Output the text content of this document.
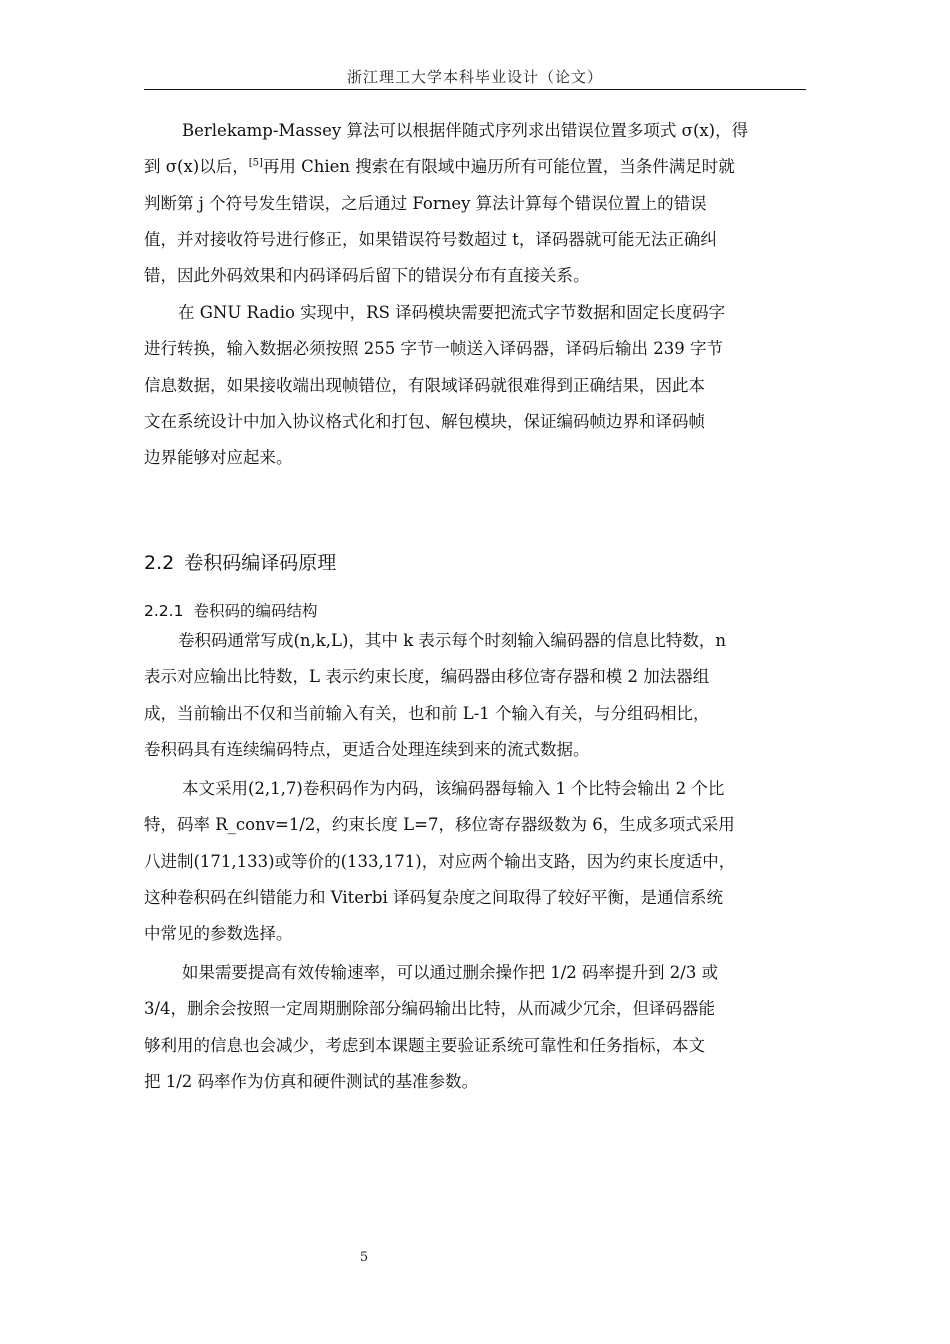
浙江理工大学本科毕业设计（论文）

Berlekamp-Massey 算法可以根据伴随式序列求出错误位置多项式 σ(x)，得
到 σ(x)以后，[5]再用 Chien 搜索在有限域中遍历所有可能位置，当条件满足时就
判断第 j 个符号发生错误，之后通过 Forney 算法计算每个错误位置上的错误
值，并对接收符号进行修正，如果错误符号数超过 t，译码器就可能无法正确纠
错，因此外码效果和内码译码后留下的错误分布有直接关系。

在 GNU Radio 实现中，RS 译码模块需要把流式字节数据和固定长度码字
进行转换，输入数据必须按照 255 字节一帧送入译码器，译码后输出 239 字节
信息数据，如果接收端出现帧错位，有限域译码就很难得到正确结果，因此本
文在系统设计中加入协议格式化和打包、解包模块，保证编码帧边界和译码帧
边界能够对应起来。

2.2 卷积码编译码原理
2.2.1 卷积码的编码结构

卷积码通常写成(n,k,L)，其中 k 表示每个时刻输入编码器的信息比特数，n
表示对应输出比特数，L 表示约束长度，编码器由移位寄存器和模 2 加法器组
成，当前输出不仅和当前输入有关，也和前 L-1 个输入有关，与分组码相比，
卷积码具有连续编码特点，更适合处理连续到来的流式数据。

本文采用(2,1,7)卷积码作为内码，该编码器每输入 1 个比特会输出 2 个比
特，码率 R_conv=1/2，约束长度 L=7，移位寄存器级数为 6，生成多项式采用
八进制(171,133)或等价的(133,171)，对应两个输出支路，因为约束长度适中，
这种卷积码在纠错能力和 Viterbi 译码复杂度之间取得了较好平衡，是通信系统
中常见的参数选择。

如果需要提高有效传输速率，可以通过删余操作把 1/2 码率提升到 2/3 或
3/4，删余会按照一定周期删除部分编码输出比特，从而减少冗余，但译码器能
够利用的信息也会减少，考虑到本课题主要验证系统可靠性和任务指标，本文
把 1/2 码率作为仿真和硬件测试的基准参数。

5
